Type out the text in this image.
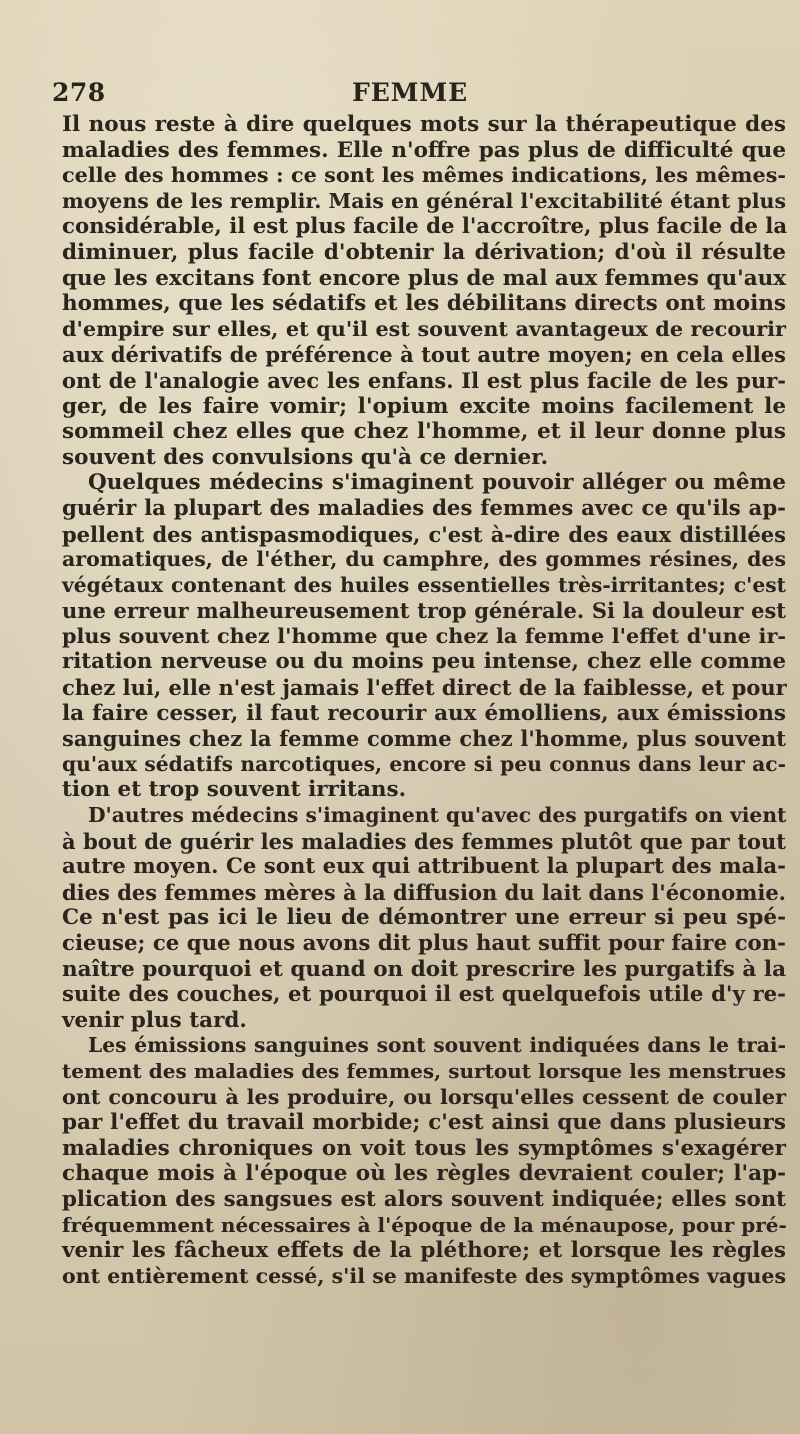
278	FEMME
Il nous reste à dire quelques mots sur la thérapeutique des
maladies des femmes. Elle n'offre pas plus de difficulté que
celle des hommes : ce sont les mêmes indications, les mêmes-
moyens de les remplir. Mais en général l'excitabilité étant plus
considérable, il est plus facile de l'accroître, plus facile de la
diminuer, plus facile d'obtenir la dérivation; d'où il résulte
que les excitans font encore plus de mal aux femmes qu'aux
hommes, que les sédatifs et les débilitans directs ont moins
d'empire sur elles, et qu'il est souvent avantageux de recourir
aux dérivatifs de préférence à tout autre moyen; en cela elles
ont de l'analogie avec les enfans. Il est plus facile de les pur-
ger, de les faire vomir; l'opium excite moins facilement le
sommeil chez elles que chez l'homme, et il leur donne plus
souvent des convulsions qu'à ce dernier.
Quelques médecins s'imaginent pouvoir alléger ou même
guérir la plupart des maladies des femmes avec ce qu'ils ap-
pellent des antispasmodiques, c'est à-dire des eaux distillées
aromatiques, de l'éther, du camphre, des gommes résines, des
végétaux contenant des huiles essentielles très-irritantes; c'est
une erreur malheureusement trop générale. Si la douleur est
plus souvent chez l'homme que chez la femme l'effet d'une ir-
ritation nerveuse ou du moins peu intense, chez elle comme
chez lui, elle n'est jamais l'effet direct de la faiblesse, et pour
la faire cesser, il faut recourir aux émolliens, aux émissions
sanguines chez la femme comme chez l'homme, plus souvent
qu'aux sédatifs narcotiques, encore si peu connus dans leur ac-
tion et trop souvent irritans.
D'autres médecins s'imaginent qu'avec des purgatifs on vient
à bout de guérir les maladies des femmes plutôt que par tout
autre moyen. Ce sont eux qui attribuent la plupart des mala-
dies des femmes mères à la diffusion du lait dans l'économie.
Ce n'est pas ici le lieu de démontrer une erreur si peu spé-
cieuse; ce que nous avons dit plus haut suffit pour faire con-
naître pourquoi et quand on doit prescrire les purgatifs à la
suite des couches, et pourquoi il est quelquefois utile d'y re-
venir plus tard.
Les émissions sanguines sont souvent indiquées dans le trai-
tement des maladies des femmes, surtout lorsque les menstrues
ont concouru à les produire, ou lorsqu'elles cessent de couler
par l'effet du travail morbide; c'est ainsi que dans plusieurs
maladies chroniques on voit tous les symptômes s'exagérer
chaque mois à l'époque où les règles devraient couler; l'ap-
plication des sangsues est alors souvent indiquée; elles sont
fréquemment nécessaires à l'époque de la ménaupose, pour pré-
venir les fâcheux effets de la pléthore; et lorsque les règles
ont entièrement cessé, s'il se manifeste des symptômes vagues
